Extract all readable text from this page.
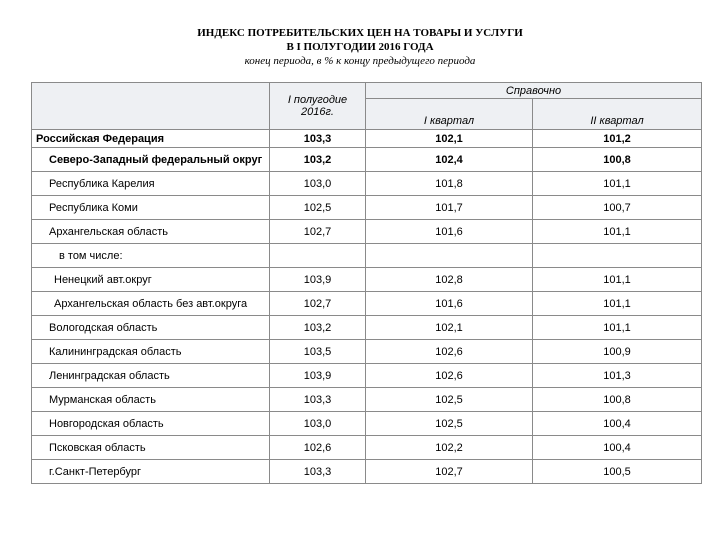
ИНДЕКС ПОТРЕБИТЕЛЬСКИХ ЦЕН НА ТОВАРЫ И УСЛУГИ
В I ПОЛУГОДИИ 2016 ГОДА
конец периода, в % к концу предыдущего периода
	I полугодие 2016г.	Справочно	
		I квартал	II квартал
Российская Федерация	103,3	102,1	101,2
Северо-Западный федеральный округ	103,2	102,4	100,8
Республика Карелия	103,0	101,8	101,1
Республика Коми	102,5	101,7	100,7
Архангельская область	102,7	101,6	101,1
в том числе:			
Ненецкий авт.округ	103,9	102,8	101,1
Архангельская область без авт.округа	102,7	101,6	101,1
Вологодская область	103,2	102,1	101,1
Калининградская область	103,5	102,6	100,9
Ленинградская область	103,9	102,6	101,3
Мурманская область	103,3	102,5	100,8
Новгородская область	103,0	102,5	100,4
Псковская область	102,6	102,2	100,4
г.Санкт-Петербург	103,3	102,7	100,5
